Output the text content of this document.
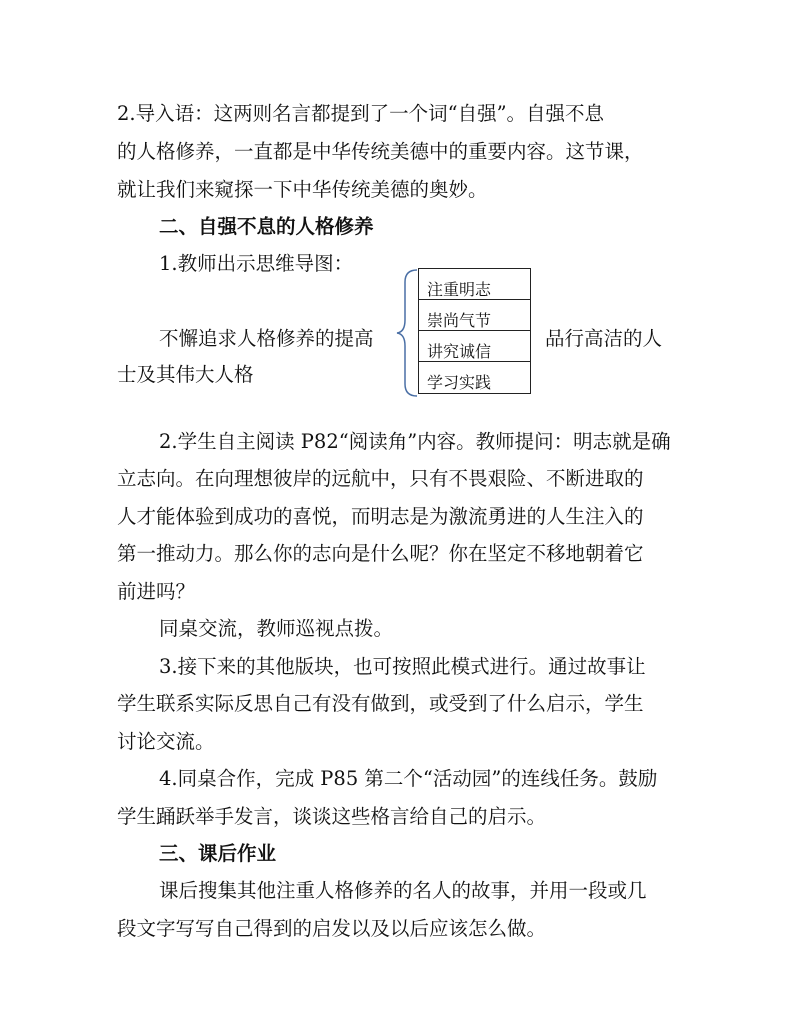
2.导入语：这两则名言都提到了一个词“自强”。自强不息
的人格修养，一直都是中华传统美德中的重要内容。这节课，
就让我们来窥探一下中华传统美德的奥妙。
二、自强不息的人格修养
1.教师出示思维导图：
不懈追求人格修养的提高
士及其伟大人格
注重明志
崇尚气节
讲究诚信
学习实践
品行高洁的人
2.学生自主阅读 P82“阅读角”内容。教师提问：明志就是确
立志向。在向理想彼岸的远航中，只有不畏艰险、不断进取的
人才能体验到成功的喜悦，而明志是为激流勇进的人生注入的
第一推动力。那么你的志向是什么呢？你在坚定不移地朝着它
前进吗？
同桌交流，教师巡视点拨。
3.接下来的其他版块，也可按照此模式进行。通过故事让
学生联系实际反思自己有没有做到，或受到了什么启示，学生
讨论交流。
4.同桌合作，完成 P85 第二个“活动园”的连线任务。鼓励
学生踊跃举手发言，谈谈这些格言给自己的启示。
三、课后作业
课后搜集其他注重人格修养的名人的故事，并用一段或几
段文字写写自己得到的启发以及以后应该怎么做。
